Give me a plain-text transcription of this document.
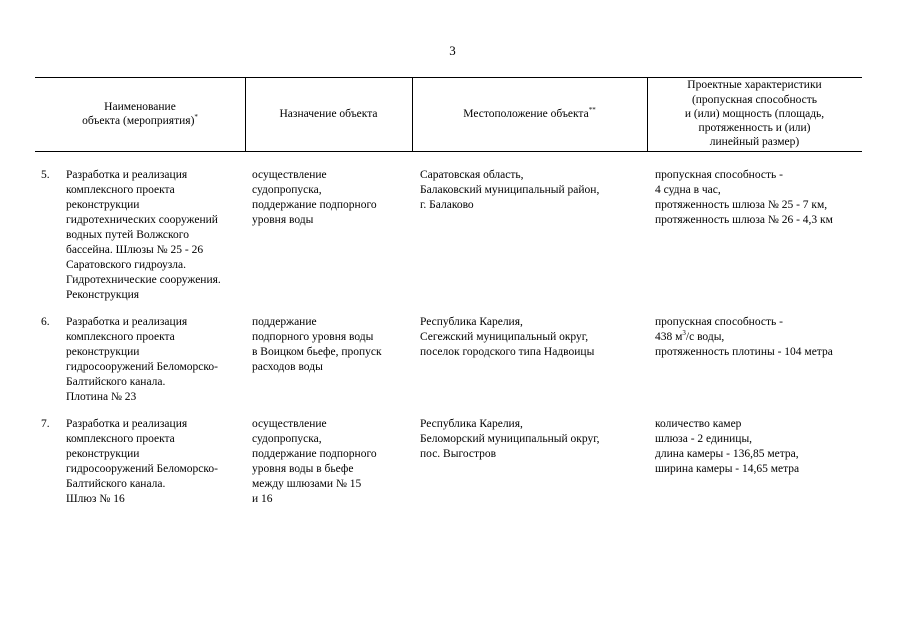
3
Наименование
объекта (мероприятия)*	Назначение объекта	Местоположение объекта**
Проектные характеристики
(пропускная способность
и (или) мощность (площадь,
протяженность и (или)
линейный размер)
5. Разработка и реализация
комплексного проекта
реконструкции
гидротехнических сооружений
водных путей Волжского
бассейна. Шлюзы № 25 - 26
Саратовского гидроузла.
Гидротехнические сооружения.
Реконструкция
осуществление
судопропуска,
поддержание подпорного
уровня воды
Саратовская область,
Балаковский муниципальный район,
г. Балаково
пропускная способность -
4 судна в час,
протяженность шлюза № 25 - 7 км,
протяженность шлюза № 26 - 4,3 км
6. Разработка и реализация
комплексного проекта
реконструкции
гидросооружений Беломорско-
Балтийского канала.
Плотина № 23
поддержание
подпорного уровня воды
в Воицком бьефе, пропуск
расходов воды
Республика Карелия,
Сегежский муниципальный округ,
поселок городского типа Надвоицы
пропускная способность -
438 $м^3/с$ воды,
протяженность плотины - 104 метра
7. Разработка и реализация
комплексного проекта
реконструкции
гидросооружений Беломорско-
Балтийского канала.
Шлюз № 16
осуществление
судопропуска,
поддержание подпорного
уровня воды в бьефе
между шлюзами № 15
и 16
Республика Карелия,
Беломорский муниципальный округ,
пос. Выгостров
количество камер
шлюза - 2 единицы,
длина камеры - 136,85 метра,
ширина камеры - 14,65 метра
